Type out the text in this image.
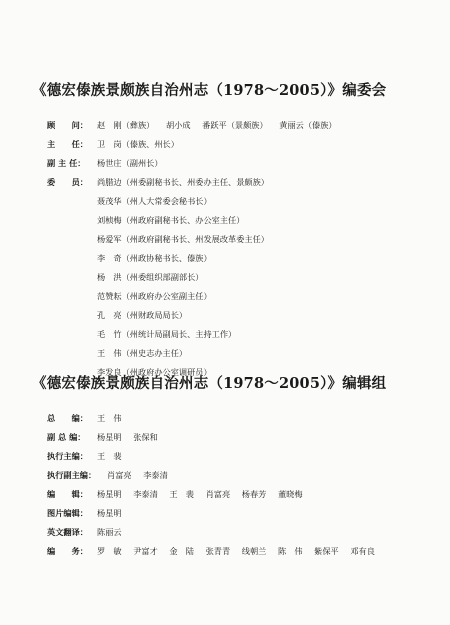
《德宏傣族景颇族自治州志（1978～2005）》编委会
顾　　问：	赵　刚（彝族） 胡小成 番跃平（景颇族） 黄丽云（傣族）
主　　任：	卫　岗（傣族、州长）
副 主 任：	杨世庄（副州长）
委　　员：	尚腊边（州委副秘书长、州委办主任、景颇族）
聂茂华（州人大常委会秘书长）
刘桢梅（州政府副秘书长、办公室主任）
杨爱军（州政府副秘书长、州发展改革委主任）
李　奇（州政协秘书长、傣族）
杨　洪（州委组织部副部长）
范赞耘（州政府办公室副主任）
孔　亮（州财政局局长）
毛　竹（州统计局副局长、主持工作）
王　伟（州史志办主任）
李发良（州政府办公室调研员）
《德宏傣族景颇族自治州志（1978～2005）》编辑组
总　　编：	王　伟
副 总 编：	杨星明 张保和
执行主编：	王　裴
执行副主编：	肖富亮 李泰清
编　　辑：	杨星明 李泰清 王　裴 肖富亮 杨春芳 董晓梅
图片编辑：	杨星明
英文翻译：	陈丽云
编　　务：	罗　敏 尹富才 金　陆 张青青 线朝兰 陈　伟 紫保平 邓有良
